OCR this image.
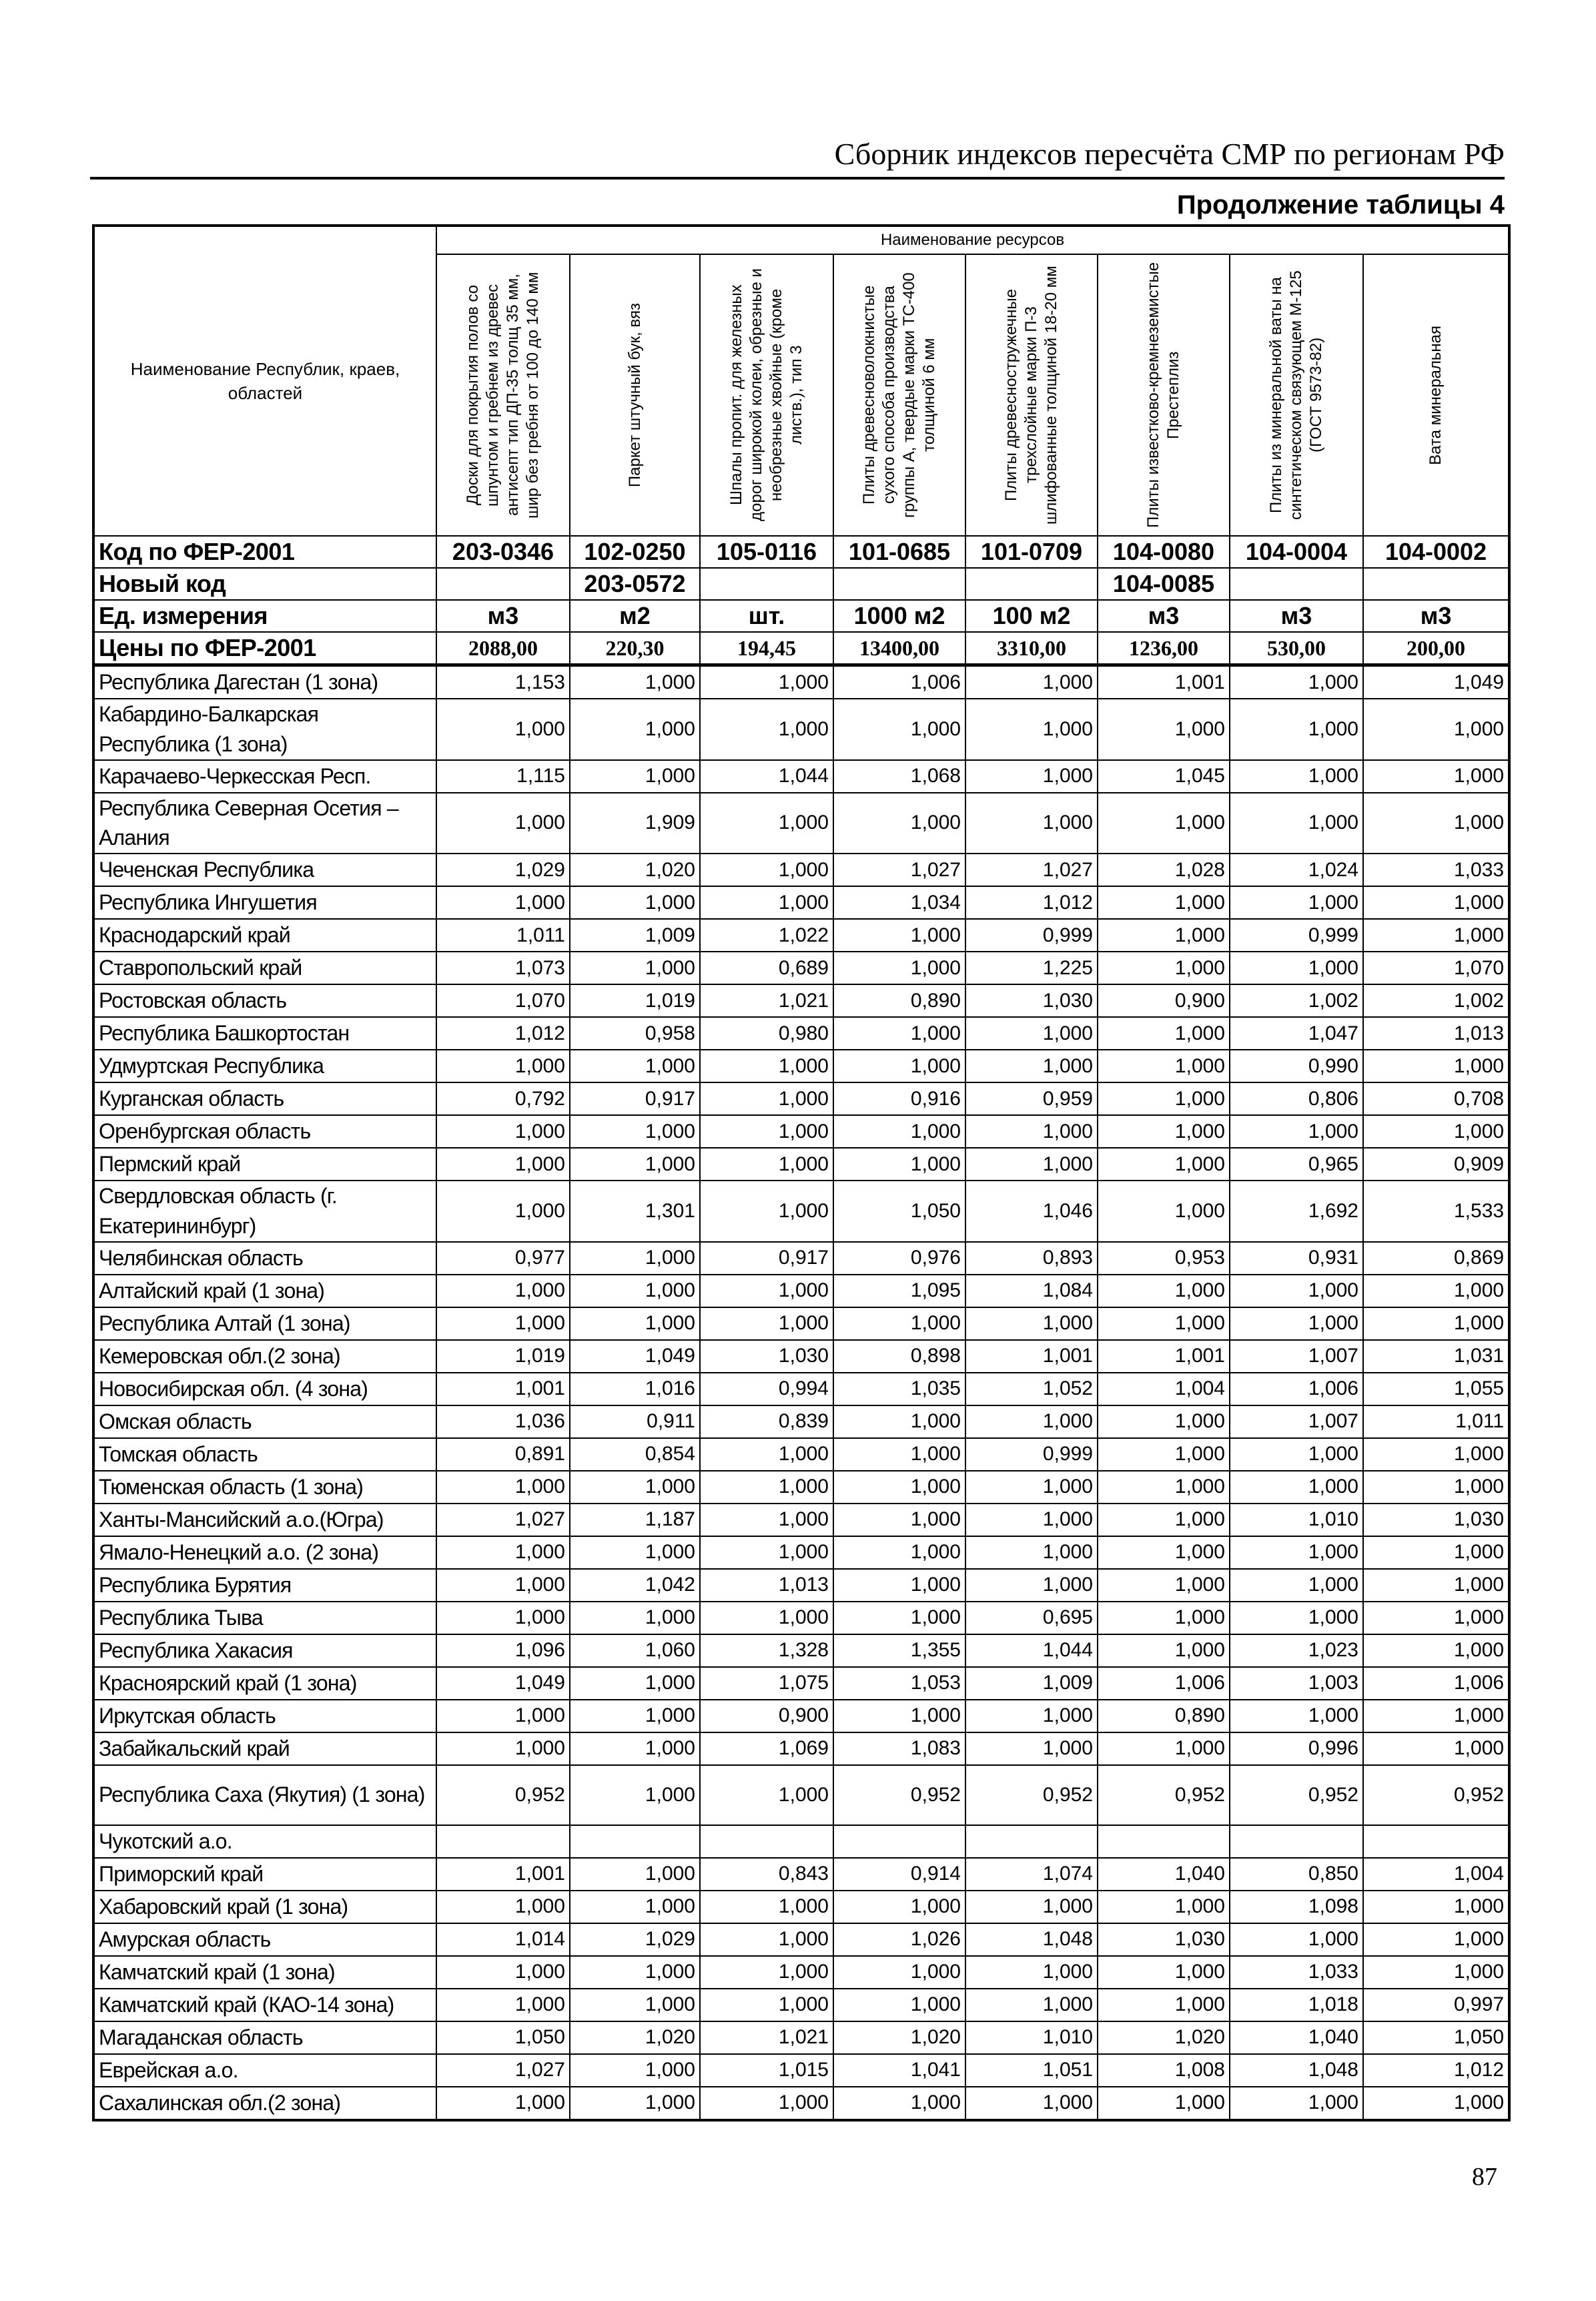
Сборник индексов пересчёта СМР по регионам РФ
Продолжение таблицы 4
Наименование Республик, краев, областей	Наименование ресурсов							

	Доски для покрытия полов со шпунтом и гребнем из древес антисепт тип ДП-35 толщ 35 мм, шир без гребня от 100 до 140 мм	Паркет штучный бук, вяз	Шпалы пропит. для железных дорог широкой колеи, обрезные и необрезные хвойные (кроме листв.), тип 3	Плиты древесноволокнистые сухого способа производства группы А, твердые марки ТС-400 толщиной 6 мм	Плиты древесностружечные трехслойные марки П-3 шлифованные толщиной 18-20 мм	Плиты известково-кремнеземистые Престеплиз	Плиты из минеральной ваты на синтетическом связующем М-125 (ГОСТ 9573-82)	Вата минеральная

Код по ФЕР-2001	203-0346	102-0250	105-0116	101-0685	101-0709	104-0080	104-0004	104-0002
Новый код		203-0572				104-0085		
Ед. измерения	м3	м2	шт.	1000 м2	100 м2	м3	м3	м3
Цены по ФЕР-2001	2088,00	220,30	194,45	13400,00	3310,00	1236,00	530,00	200,00
Республика Дагестан (1 зона)	1,153	1,000	1,000	1,006	1,000	1,001	1,000	1,049
Кабардино-Балкарская Республика (1 зона)	1,000	1,000	1,000	1,000	1,000	1,000	1,000	1,000
Карачаево-Черкесская Респ.	1,115	1,000	1,044	1,068	1,000	1,045	1,000	1,000
Республика Северная Осетия – Алания	1,000	1,909	1,000	1,000	1,000	1,000	1,000	1,000
Чеченская Республика	1,029	1,020	1,000	1,027	1,027	1,028	1,024	1,033
Республика Ингушетия	1,000	1,000	1,000	1,034	1,012	1,000	1,000	1,000
Краснодарский край	1,011	1,009	1,022	1,000	0,999	1,000	0,999	1,000
Ставропольский край	1,073	1,000	0,689	1,000	1,225	1,000	1,000	1,070
Ростовская область	1,070	1,019	1,021	0,890	1,030	0,900	1,002	1,002
Республика Башкортостан	1,012	0,958	0,980	1,000	1,000	1,000	1,047	1,013
Удмуртская Республика	1,000	1,000	1,000	1,000	1,000	1,000	0,990	1,000
Курганская область	0,792	0,917	1,000	0,916	0,959	1,000	0,806	0,708
Оренбургская область	1,000	1,000	1,000	1,000	1,000	1,000	1,000	1,000
Пермский край	1,000	1,000	1,000	1,000	1,000	1,000	0,965	0,909
Свердловская область (г. Екатерининбург)	1,000	1,301	1,000	1,050	1,046	1,000	1,692	1,533
Челябинская область	0,977	1,000	0,917	0,976	0,893	0,953	0,931	0,869
Алтайский край (1 зона)	1,000	1,000	1,000	1,095	1,084	1,000	1,000	1,000
Республика Алтай (1 зона)	1,000	1,000	1,000	1,000	1,000	1,000	1,000	1,000
Кемеровская обл.(2 зона)	1,019	1,049	1,030	0,898	1,001	1,001	1,007	1,031
Новосибирская обл. (4 зона)	1,001	1,016	0,994	1,035	1,052	1,004	1,006	1,055
Омская область	1,036	0,911	0,839	1,000	1,000	1,000	1,007	1,011
Томская область	0,891	0,854	1,000	1,000	0,999	1,000	1,000	1,000
Тюменская область (1 зона)	1,000	1,000	1,000	1,000	1,000	1,000	1,000	1,000
Ханты-Мансийский а.о.(Югра)	1,027	1,187	1,000	1,000	1,000	1,000	1,010	1,030
Ямало-Ненецкий а.о. (2 зона)	1,000	1,000	1,000	1,000	1,000	1,000	1,000	1,000
Республика Бурятия	1,000	1,042	1,013	1,000	1,000	1,000	1,000	1,000
Республика Тыва	1,000	1,000	1,000	1,000	0,695	1,000	1,000	1,000
Республика Хакасия	1,096	1,060	1,328	1,355	1,044	1,000	1,023	1,000
Красноярский край (1 зона)	1,049	1,000	1,075	1,053	1,009	1,006	1,003	1,006
Иркутская область	1,000	1,000	0,900	1,000	1,000	0,890	1,000	1,000
Забайкальский край	1,000	1,000	1,069	1,083	1,000	1,000	0,996	1,000
Республика Саха (Якутия) (1 зона)	0,952	1,000	1,000	0,952	0,952	0,952	0,952	0,952
Чукотский а.о.								
Приморский край	1,001	1,000	0,843	0,914	1,074	1,040	0,850	1,004
Хабаровский край (1 зона)	1,000	1,000	1,000	1,000	1,000	1,000	1,098	1,000
Амурская область	1,014	1,029	1,000	1,026	1,048	1,030	1,000	1,000
Камчатский край (1 зона)	1,000	1,000	1,000	1,000	1,000	1,000	1,033	1,000
Камчатский край (КАО-14 зона)	1,000	1,000	1,000	1,000	1,000	1,000	1,018	0,997
Магаданская область	1,050	1,020	1,021	1,020	1,010	1,020	1,040	1,050
Еврейская а.о.	1,027	1,000	1,015	1,041	1,051	1,008	1,048	1,012
Сахалинская обл.(2 зона)	1,000	1,000	1,000	1,000	1,000	1,000	1,000	1,000
87
